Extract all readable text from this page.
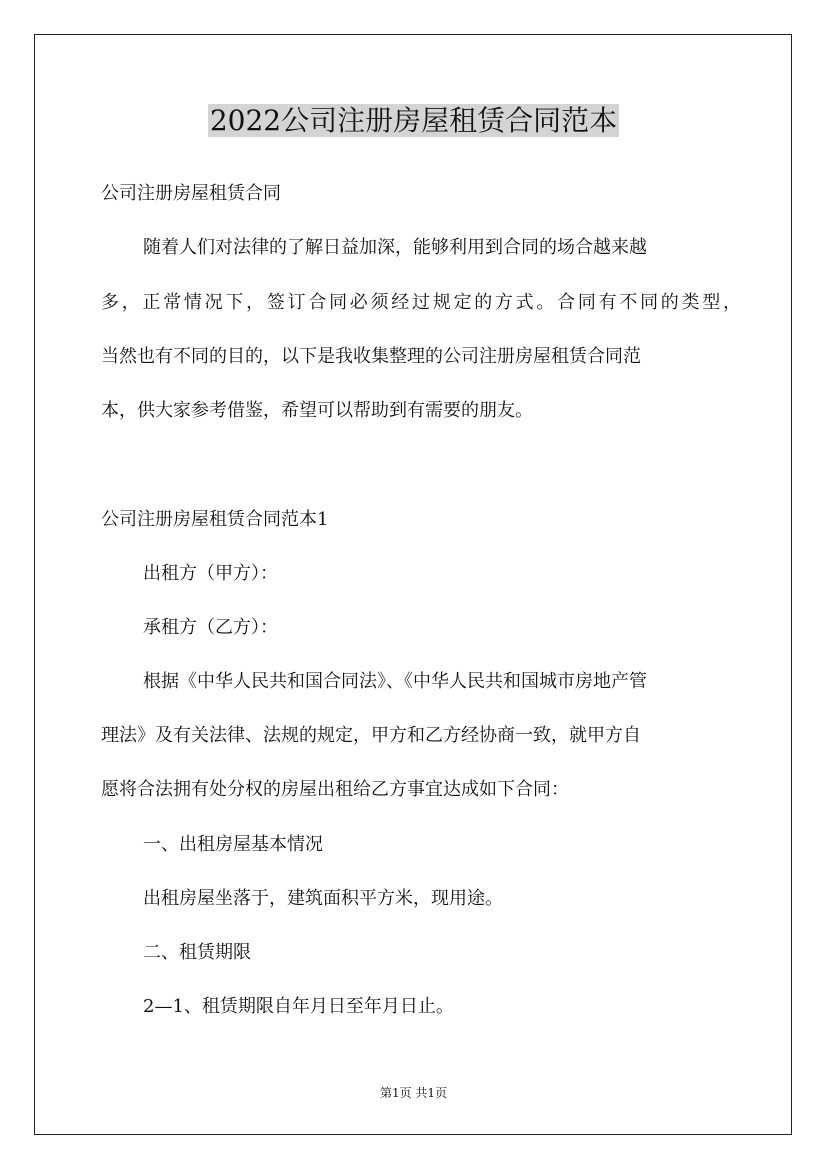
2022公司注册房屋租赁合同范本

公司注册房屋租赁合同

随着人们对法律的了解日益加深，能够利用到合同的场合越来越

多，正常情况下，签订合同必须经过规定的方式。合同有不同的类型，

当然也有不同的目的，以下是我收集整理的公司注册房屋租赁合同范

本，供大家参考借鉴，希望可以帮助到有需要的朋友。

公司注册房屋租赁合同范本1

出租方（甲方）：

承租方（乙方）：

根据《中华人民共和国合同法》、《中华人民共和国城市房地产管

理法》及有关法律、法规的规定，甲方和乙方经协商一致，就甲方自

愿将合法拥有处分权的房屋出租给乙方事宜达成如下合同：

一、出租房屋基本情况

出租房屋坐落于，建筑面积平方米，现用途。

二、租赁期限

2—1、租赁期限自年月日至年月日止。

第1页 共1页
